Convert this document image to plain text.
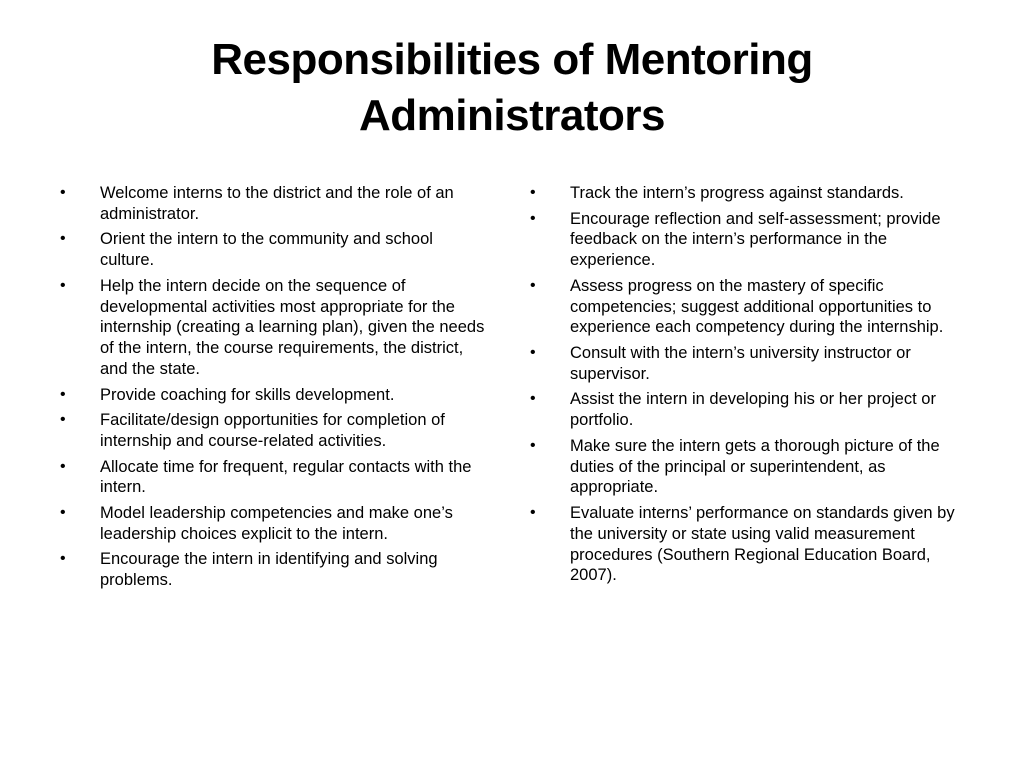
Responsibilities of Mentoring
Administrators
•	Welcome interns to the district and the role of an administrator.
•	Orient the intern to the community and school culture.
•	Help the intern decide on the sequence of developmental activities most appropriate for the internship (creating a learning plan), given the needs of the intern, the course requirements, the district, and the state.
•	Provide coaching for skills development.
•	Facilitate/design opportunities for completion of internship and course-related activities.
•	Allocate time for frequent, regular contacts with the intern.
•	Model leadership competencies and make one’s leadership choices explicit to the intern.
•	Encourage the intern in identifying and solving problems.
•	Track the intern’s progress against standards.
•	Encourage reflection and self-assessment; provide feedback on the intern’s performance in the experience.
•	Assess progress on the mastery of specific competencies; suggest additional opportunities to experience each competency during the internship.
•	Consult with the intern’s university instructor or supervisor.
•	Assist the intern in developing his or her project or portfolio.
•	Make sure the intern gets a thorough picture of the duties of the principal or superintendent, as appropriate.
•	Evaluate interns’ performance on standards given by the university or state using valid measurement procedures (Southern Regional Education Board, 2007).
